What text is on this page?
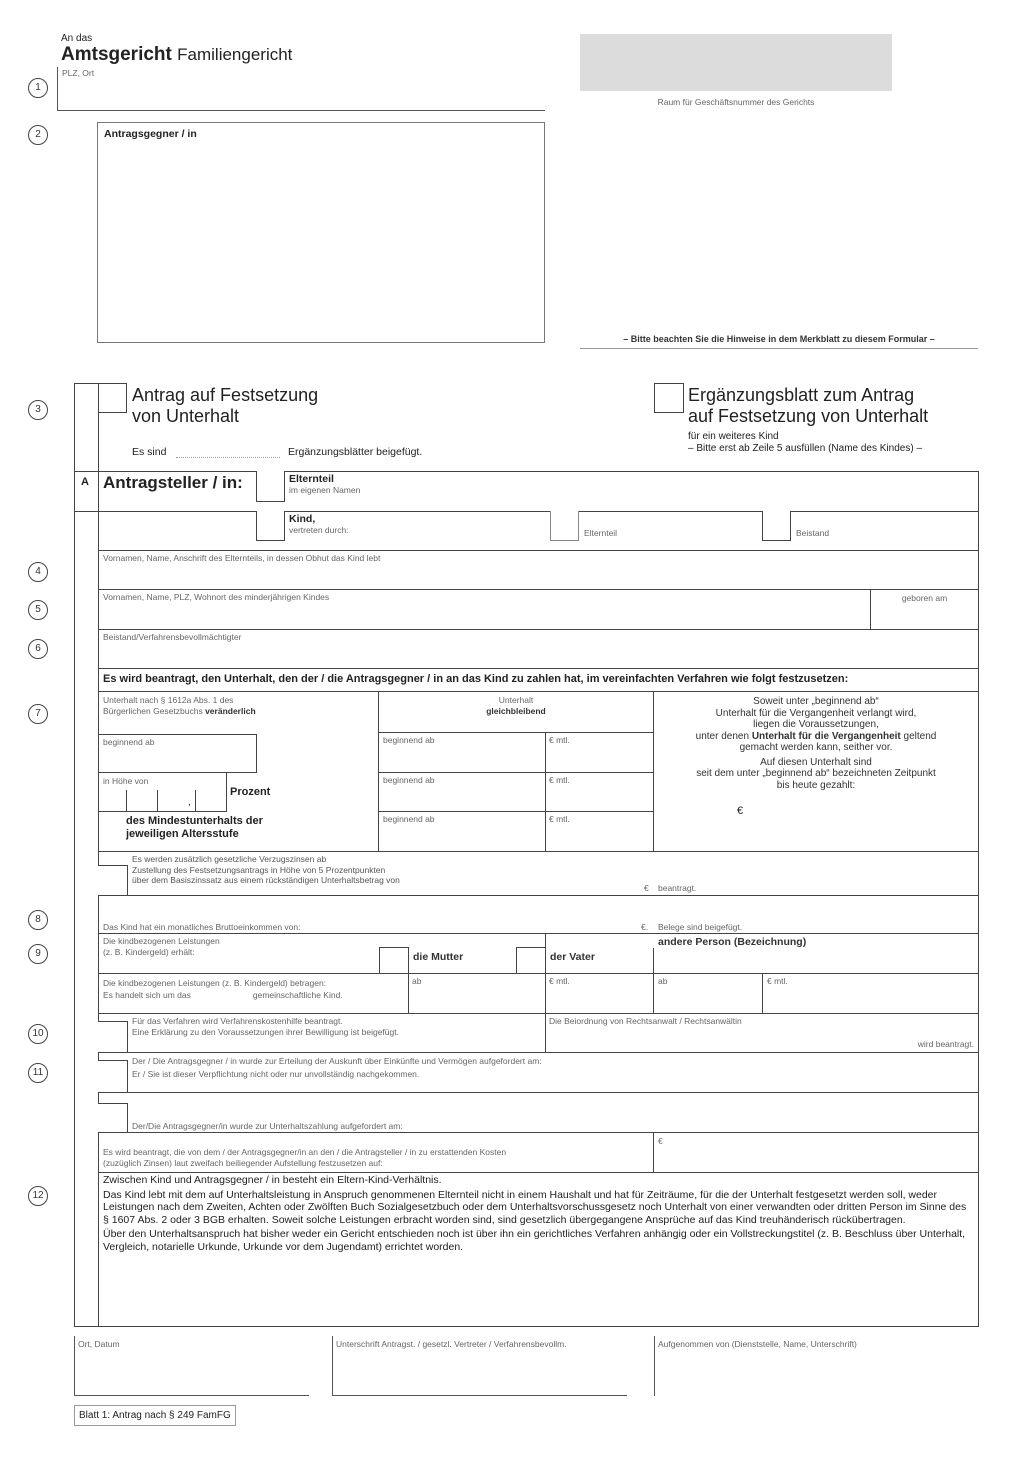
An das
Amtsgericht Familiengericht
1
PLZ, Ort
Raum für Geschäftsnummer des Gerichts
2	Antragsgegner / in
– Bitte beachten Sie die Hinweise in dem Merkblatt zu diesem Formular –
3
Antrag auf Festsetzung
von Unterhalt
Es sind	Ergänzungsblätter beigefügt.
Ergänzungsblatt zum Antrag
auf Festsetzung von Unterhalt
für ein weiteres Kind
– Bitte erst ab Zeile 5 ausfüllen (Name des Kindes) –
A Antragsteller / in:	Elternteil
im eigenen Namen
Kind,
vertreten durch:	Elternteil	Beistand
4
Vornamen, Name, Anschrift des Elternteils, in dessen Obhut das Kind lebt
5
Vornamen, Name, PLZ, Wohnort des minderjährigen Kindes	geboren am
6
Beistand/Verfahrensbevollmächtigter
Es wird beantragt, den Unterhalt, den der / die Antragsgegner / in an das Kind zu zahlen hat, im vereinfachten Verfahren wie folgt festzusetzen:
7
Unterhalt nach § 1612a Abs. 1 des
Bürgerlichen Gesetzbuchs veränderlich
beginnend ab
in Höhe von
,
Prozent
des Mindestunterhalts der
jeweiligen Altersstufe
Unterhalt
gleichbleibend
beginnend ab	€ mtl.
beginnend ab	€ mtl.
beginnend ab	€ mtl.
Soweit unter „beginnend ab“
Unterhalt für die Vergangenheit verlangt wird,
liegen die Voraussetzungen,
unter denen Unterhalt für die Vergangenheit geltend
gemacht werden kann, seither vor.
Auf diesen Unterhalt sind
seit dem unter „beginnend ab“ bezeichneten Zeitpunkt
bis heute gezahlt:
€
Es werden zusätzlich gesetzliche Verzugszinsen ab
Zustellung des Festsetzungsantrags in Höhe von 5 Prozentpunkten
über dem Basiszinssatz aus einem rückständigen Unterhaltsbetrag von
€ beantragt.
8
Das Kind hat ein monatliches Bruttoeinkommen von:	€. Belege sind beigefügt.
9
Die kindbezogenen Leistungen
(z. B. Kindergeld) erhält:	die Mutter	der Vater
andere Person (Bezeichnung)
Die kindbezogenen Leistungen (z. B. Kindergeld) betragen:
Es handelt sich um das	gemeinschaftliche Kind.
ab	€ mtl.	ab	€ mtl.
10
Für das Verfahren wird Verfahrenskostenhilfe beantragt.
Eine Erklärung zu den Voraussetzungen ihrer Bewilligung ist beigefügt.
Die Beiordnung von Rechtsanwalt / Rechtsanwältin
wird beantragt.
11
Der / Die Antragsgegner / in wurde zur Erteilung der Auskunft über Einkünfte und Vermögen aufgefordert am:
Er / Sie ist dieser Verpflichtung nicht oder nur unvollständig nachgekommen.
Der/Die Antragsgegner/in wurde zur Unterhaltszahlung aufgefordert am:
Es wird beantragt, die von dem / der Antragsgegner/in an den / die Antragsteller / in zu erstattenden Kosten
(zuzüglich Zinsen) laut zweifach beiliegender Aufstellung festzusetzen auf:
€
12
Zwischen Kind und Antragsgegner / in besteht ein Eltern-Kind-Verhältnis.
Das Kind lebt mit dem auf Unterhaltsleistung in Anspruch genommenen Elternteil nicht in einem Haushalt und hat für Zeiträume, für die der Unterhalt festgesetzt werden soll, weder Leistungen nach dem Zweiten, Achten oder Zwölften Buch Sozialgesetzbuch oder dem Unterhaltsvorschussgesetz noch Unterhalt von einer verwandten oder dritten Person im Sinne des § 1607 Abs. 2 oder 3 BGB erhalten. Soweit solche Leistungen erbracht worden sind, sind gesetzlich übergegangene Ansprüche auf das Kind treuhänderisch rückübertragen.
Über den Unterhaltsanspruch hat bisher weder ein Gericht entschieden noch ist über ihn ein gerichtliches Verfahren anhängig oder ein Vollstreckungstitel (z. B. Beschluss über Unterhalt, Vergleich, notarielle Urkunde, Urkunde vor dem Jugendamt) errichtet worden.
Ort, Datum	Unterschrift Antragst. / gesetzl. Vertreter / Verfahrensbevollm.	Aufgenommen von (Dienststelle, Name, Unterschrift)
Blatt 1: Antrag nach § 249 FamFG
